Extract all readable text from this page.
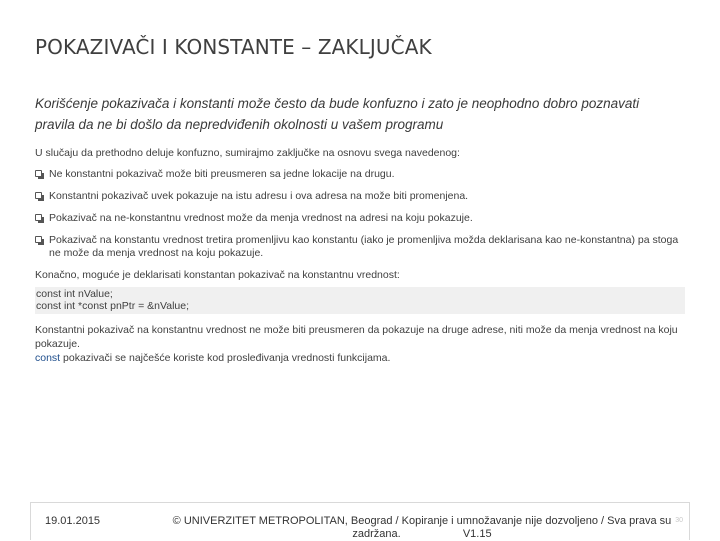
POKAZIVAČI I KONSTANTE – ZAKLJUČAK
Korišćenje pokazivača i konstanti može često da bude konfuzno i zato je neophodno dobro poznavati pravila da ne bi došlo da nepredviđenih okolnosti u vašem programu

U slučaju da prethodno deluje konfuzno, sumirajmo zaključke na osnovu svega navedenog:

Ne konstantni pokazivač može biti preusmeren sa jedne lokacije na drugu.
Konstantni pokazivač uvek pokazuje na istu adresu i ova adresa na može biti promenjena.
Pokazivač na ne-konstantnu vrednost može da menja vrednost na adresi na koju pokazuje.
Pokazivač na konstantu vrednost tretira promenljivu kao konstantu (iako je promenljiva možda deklarisana kao ne-konstantna) pa stoga ne može da menja vrednost na koju pokazuje.

Konačno, moguće je deklarisati konstantan pokazivač na konstantnu vrednost:

const int nValue;
const int *const pnPtr = &nValue;

Konstantni pokazivač na konstantnu vrednost ne može biti preusmeren da pokazuje na druge adrese, niti može da menja vrednost na koju pokazuje.

const pokazivači se najčešće koriste kod prosleđivanja vrednosti funkcijama.

19.01.2015	© UNIVERZITET METROPOLITAN, Beograd / Kopiranje i umnožavanje nije dozvoljeno / Sva prava su
zadržana.	V1.15
30
